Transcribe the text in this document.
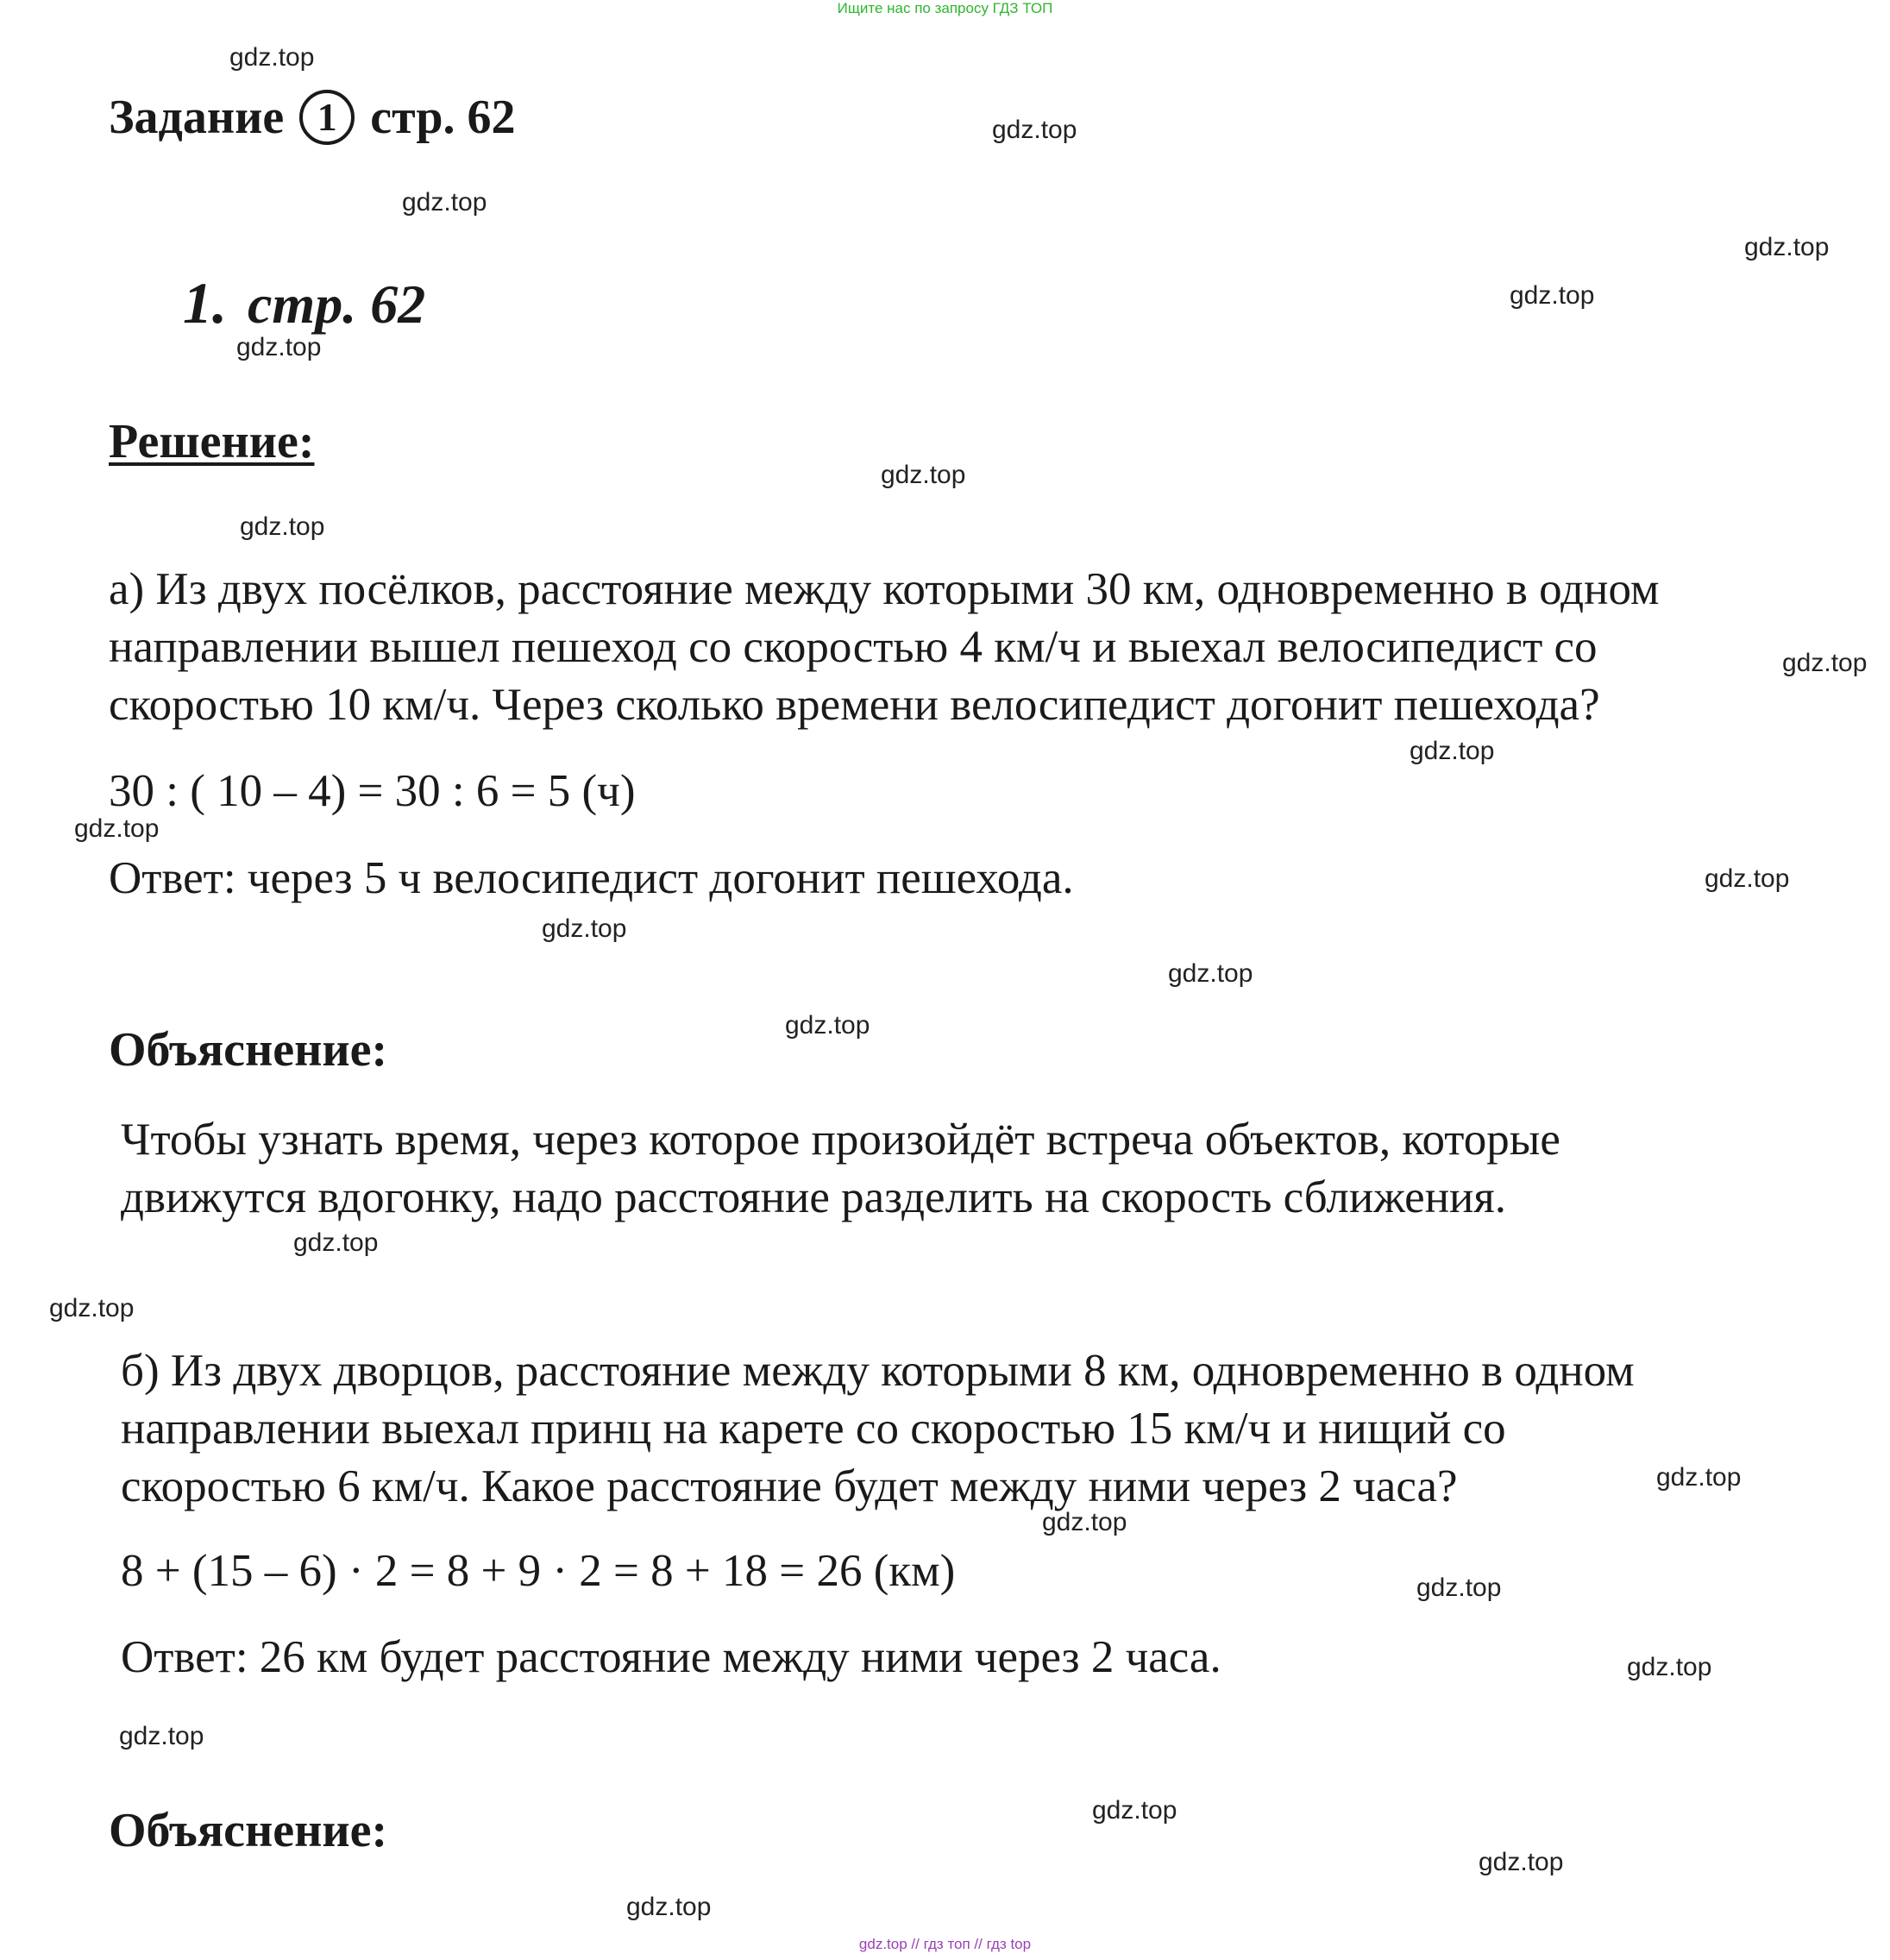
Ищите нас по запросу ГДЗ ТОП
gdz.top // гдз топ // гдз top
Задание 1 стр. 62
1. стр. 62
Решение:
а) Из двух посёлков, расстояние между которыми 30 км, одновременно в одном
направлении вышел пешеход со скоростью 4 км/ч и выехал велосипедист со
скоростью 10 км/ч. Через сколько времени велосипедист догонит пешехода?
30 : ( 10 – 4) = 30 : 6 = 5 (ч)
Ответ: через 5 ч велосипедист догонит пешехода.
Объяснение:
Чтобы узнать время, через которое произойдёт встреча объектов, которые
движутся вдогонку, надо расстояние разделить на скорость сближения.
б) Из двух дворцов, расстояние между которыми 8 км, одновременно в одном
направлении выехал принц на карете со скоростью 15 км/ч и нищий со
скоростью 6 км/ч. Какое расстояние будет между ними через 2 часа?
8 + (15 – 6) · 2 = 8 + 9 · 2 = 8 + 18 = 26 (км)
Ответ: 26 км будет расстояние между ними через 2 часа.
Объяснение:
gdz.top
gdz.top
gdz.top
gdz.top
gdz.top
gdz.top
gdz.top
gdz.top
gdz.top
gdz.top
gdz.top
gdz.top
gdz.top
gdz.top
gdz.top
gdz.top
gdz.top
gdz.top
gdz.top
gdz.top
gdz.top
gdz.top
gdz.top
gdz.top
gdz.top
